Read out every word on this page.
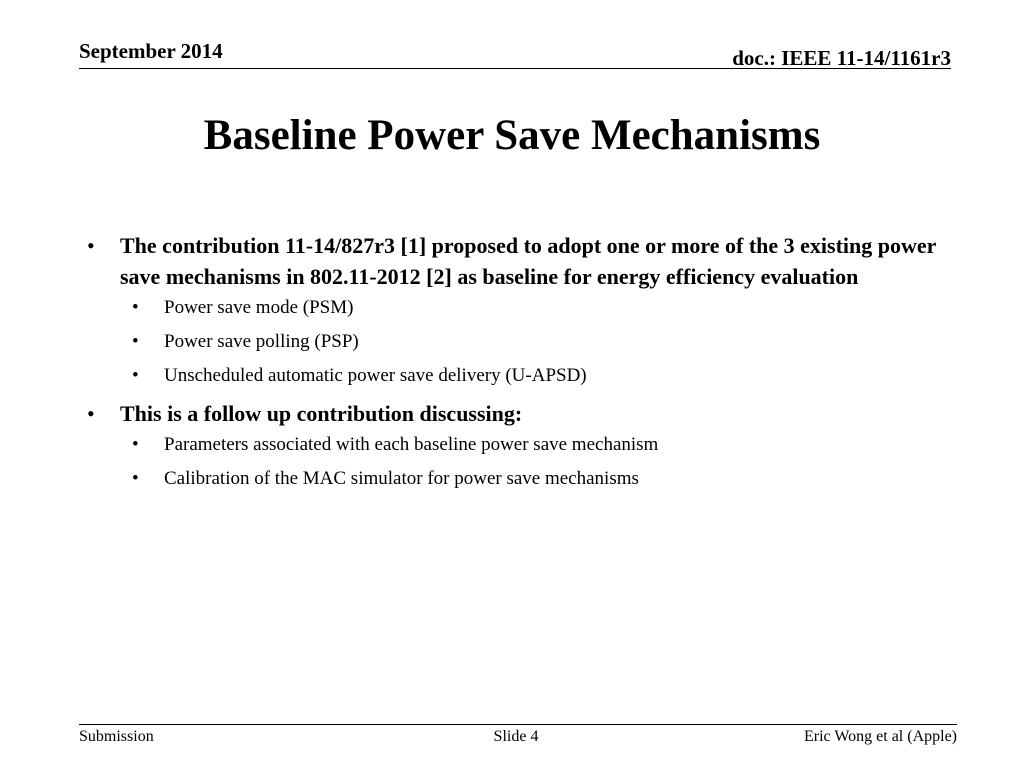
September 2014	doc.: IEEE 11-14/1161r3
Baseline Power Save Mechanisms
• The contribution 11-14/827r3 [1] proposed to adopt one or more of the 3 existing power save mechanisms in 802.11-2012 [2] as baseline for energy efficiency evaluation
• Power save mode (PSM)
• Power save polling (PSP)
• Unscheduled automatic power save delivery (U-APSD)
• This is a follow up contribution discussing:
• Parameters associated with each baseline power save mechanism
• Calibration of the MAC simulator for power save mechanisms
Submission	Slide 4	Eric Wong et al (Apple)
